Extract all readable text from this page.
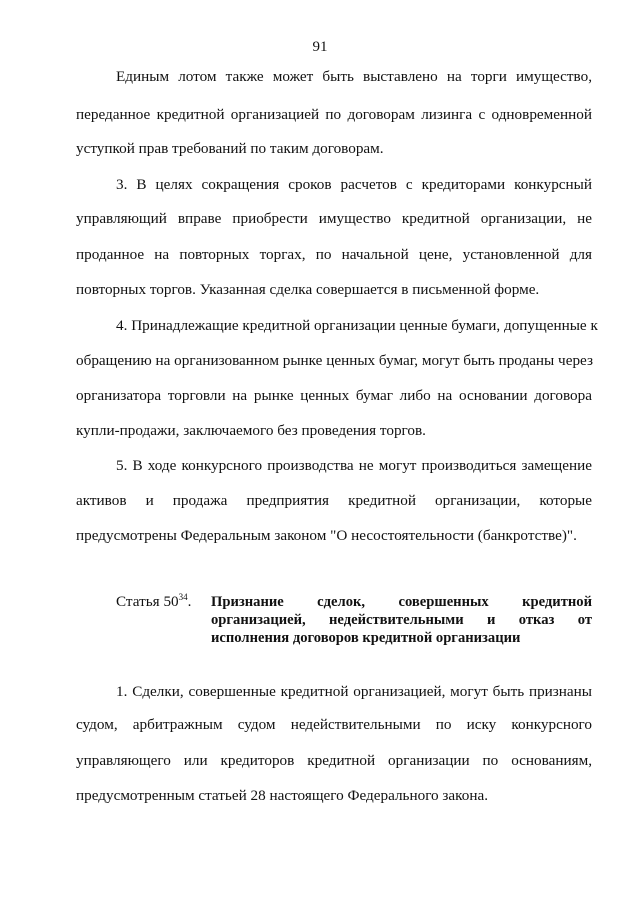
91
Единым лотом также может быть выставлено на торги имущество,
переданное кредитной организацией по договорам лизинга с одновременной
уступкой прав требований по таким договорам.
3. В целях сокращения сроков расчетов с кредиторами конкурсный
управляющий вправе приобрести имущество кредитной организации, не
проданное на повторных торгах, по начальной цене, установленной для
повторных торгов. Указанная сделка совершается в письменной форме.
4. Принадлежащие кредитной организации ценные бумаги, допущенные к
обращению на организованном рынке ценных бумаг, могут быть проданы через
организатора торговли на рынке ценных бумаг либо на основании договора
купли-продажи, заключаемого без проведения торгов.
5. В ходе конкурсного производства не могут производиться замещение
активов и продажа предприятия кредитной организации, которые
предусмотрены Федеральным законом "О несостоятельности (банкротстве)".
Статья $50^{34}$. Признание сделок, совершенных кредитной
организацией, недействительными и отказ от
исполнения договоров кредитной организации
1. Сделки, совершенные кредитной организацией, могут быть признаны
судом, арбитражным судом недействительными по иску конкурсного
управляющего или кредиторов кредитной организации по основаниям,
предусмотренным статьей 28 настоящего Федерального закона.
